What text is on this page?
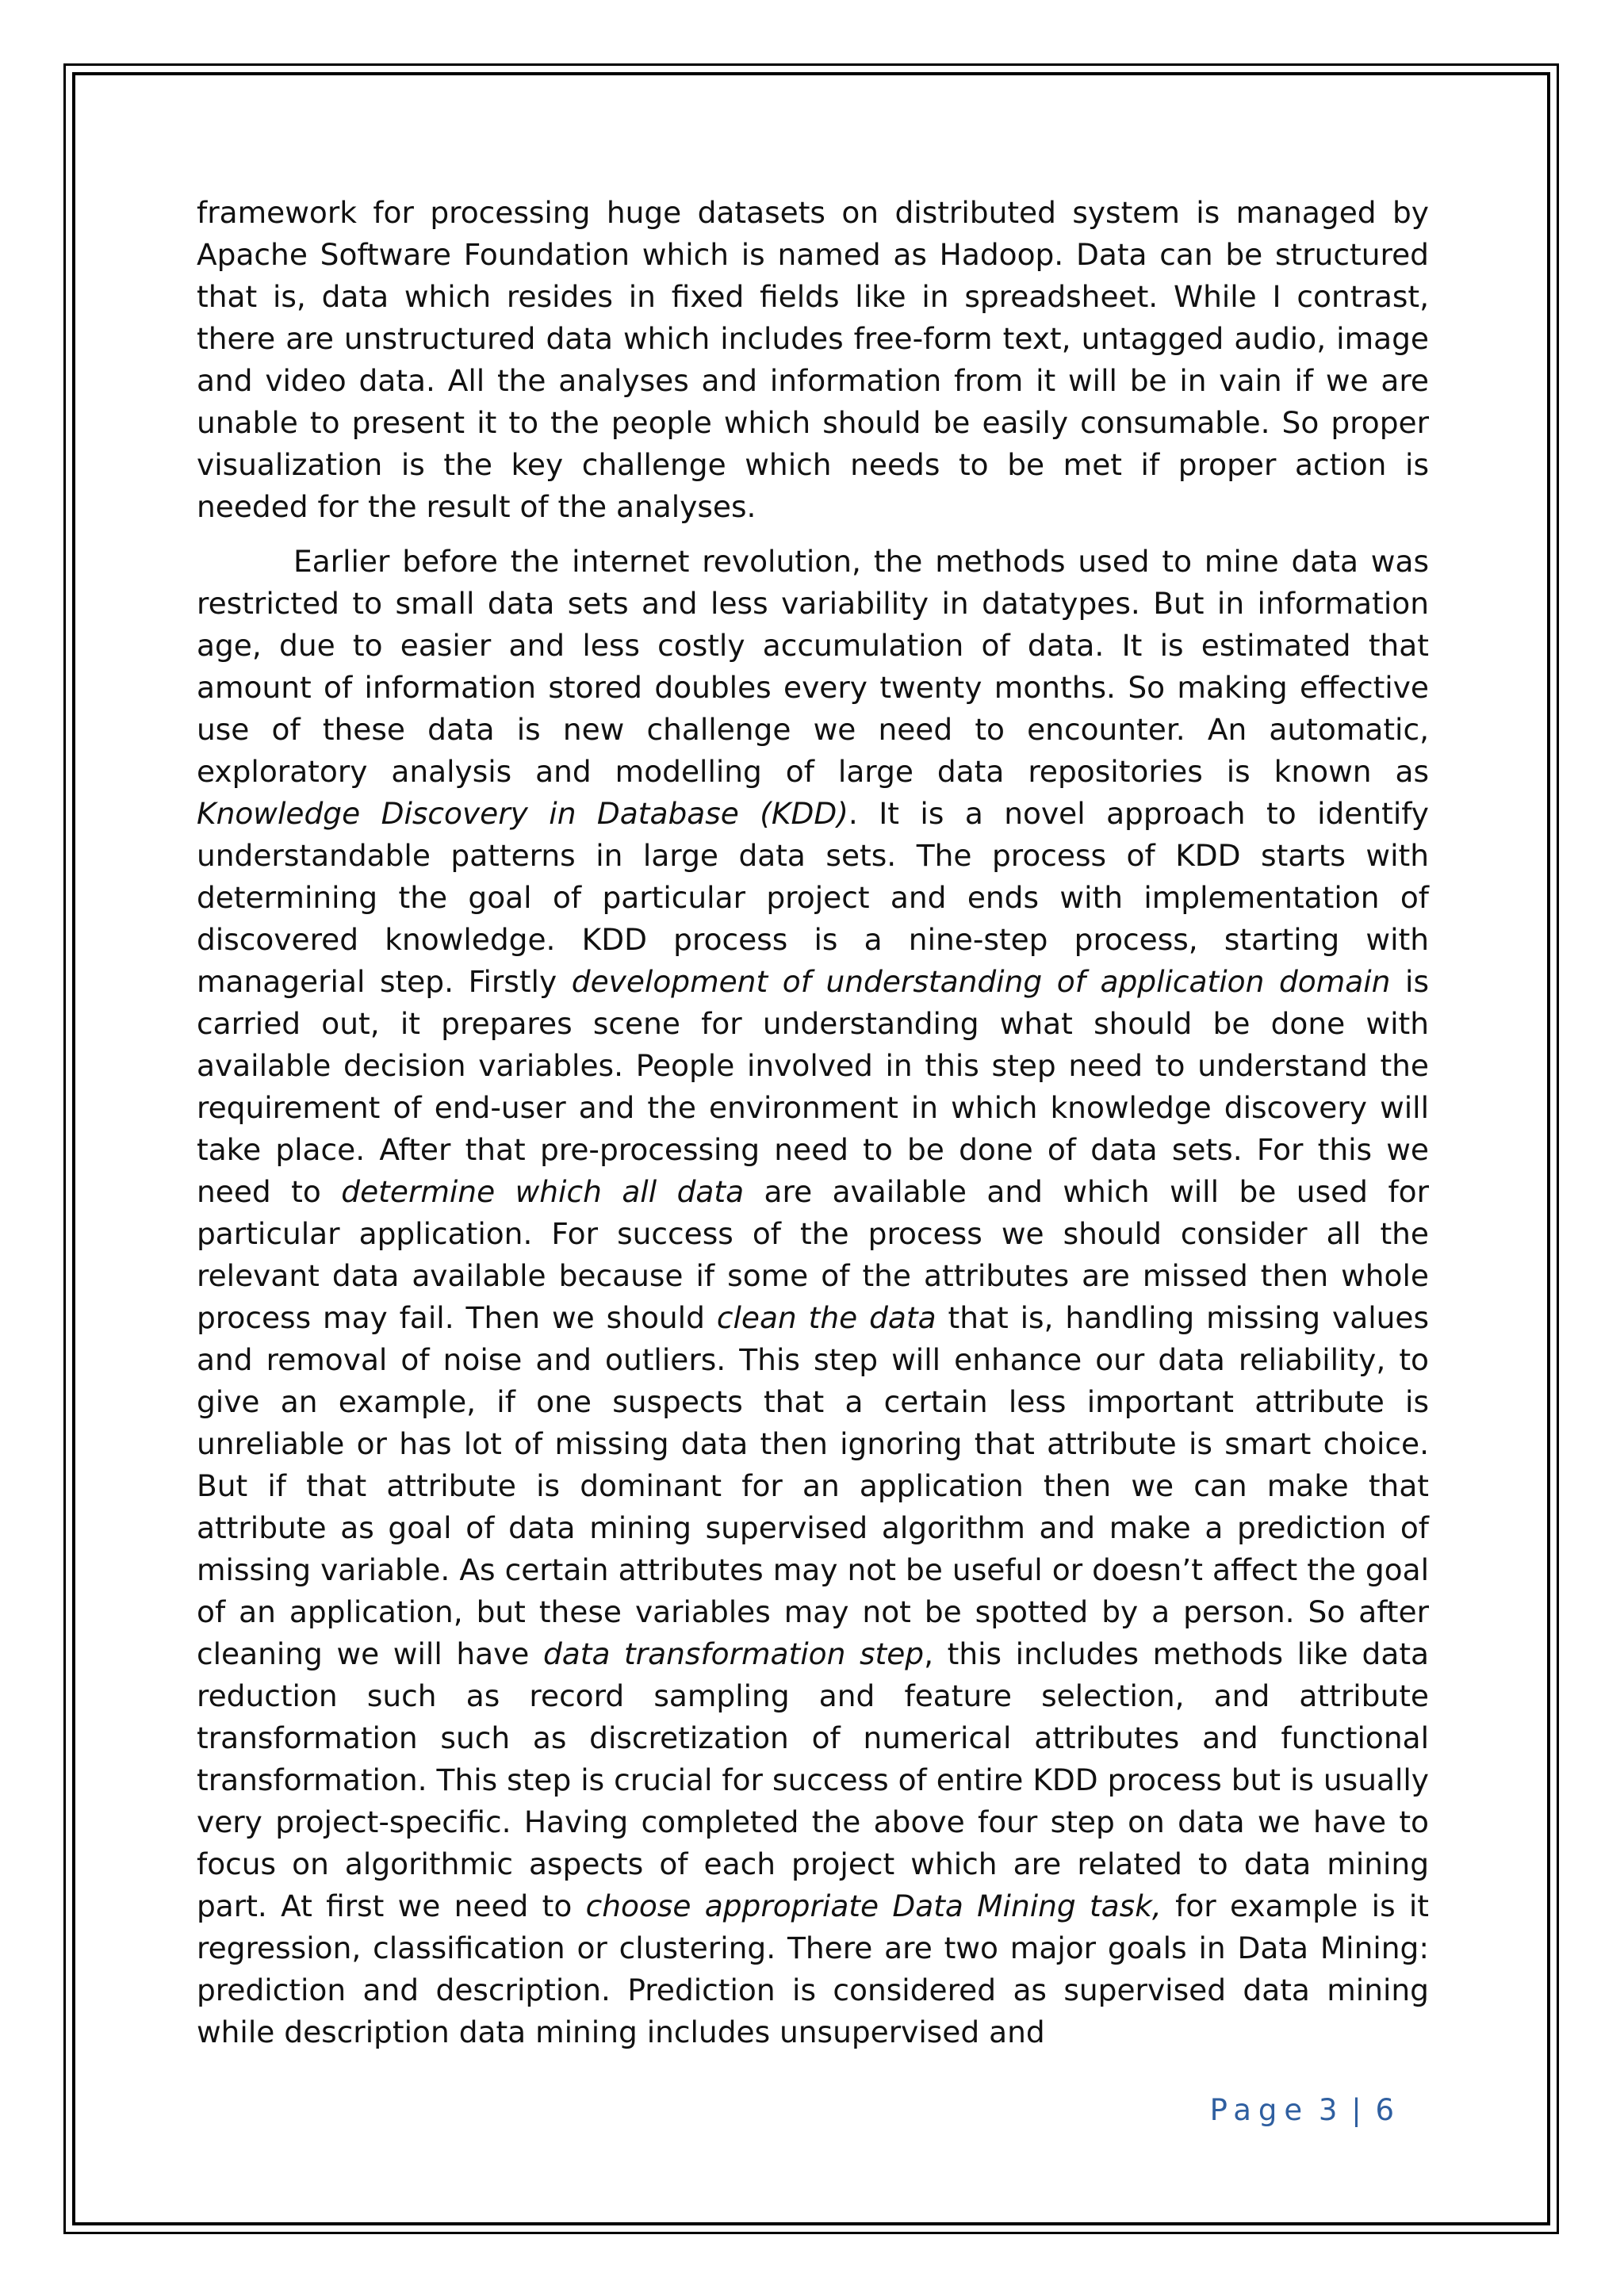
framework for processing huge datasets on distributed system is managed by Apache Software Foundation which is named as Hadoop. Data can be structured that is, data which resides in fixed fields like in spreadsheet. While I contrast, there are unstructured data which includes free-form text, untagged audio, image and video data. All the analyses and information from it will be in vain if we are unable to present it to the people which should be easily consumable. So proper visualization is the key challenge which needs to be met if proper action is needed for the result of the analyses.

Earlier before the internet revolution, the methods used to mine data was restricted to small data sets and less variability in datatypes. But in information age, due to easier and less costly accumulation of data. It is estimated that amount of information stored doubles every twenty months. So making effective use of these data is new challenge we need to encounter. An automatic, exploratory analysis and modelling of large data repositories is known as Knowledge Discovery in Database (KDD). It is a novel approach to identify understandable patterns in large data sets. The process of KDD starts with determining the goal of particular project and ends with implementation of discovered knowledge. KDD process is a nine-step process, starting with managerial step. Firstly development of understanding of application domain is carried out, it prepares scene for understanding what should be done with available decision variables. People involved in this step need to understand the requirement of end-user and the environment in which knowledge discovery will take place. After that pre-processing need to be done of data sets. For this we need to determine which all data are available and which will be used for particular application. For success of the process we should consider all the relevant data available because if some of the attributes are missed then whole process may fail. Then we should clean the data that is, handling missing values and removal of noise and outliers. This step will enhance our data reliability, to give an example, if one suspects that a certain less important attribute is unreliable or has lot of missing data then ignoring that attribute is smart choice. But if that attribute is dominant for an application then we can make that attribute as goal of data mining supervised algorithm and make a prediction of missing variable. As certain attributes may not be useful or doesn’t affect the goal of an application, but these variables may not be spotted by a person. So after cleaning we will have data transformation step, this includes methods like data reduction such as record sampling and feature selection, and attribute transformation such as discretization of numerical attributes and functional transformation. This step is crucial for success of entire KDD process but is usually very project-specific. Having completed the above four step on data we have to focus on algorithmic aspects of each project which are related to data mining part. At first we need to choose appropriate Data Mining task, for example is it regression, classification or clustering. There are two major goals in Data Mining: prediction and description. Prediction is considered as supervised data mining while description data mining includes unsupervised and

Page 3 | 6
